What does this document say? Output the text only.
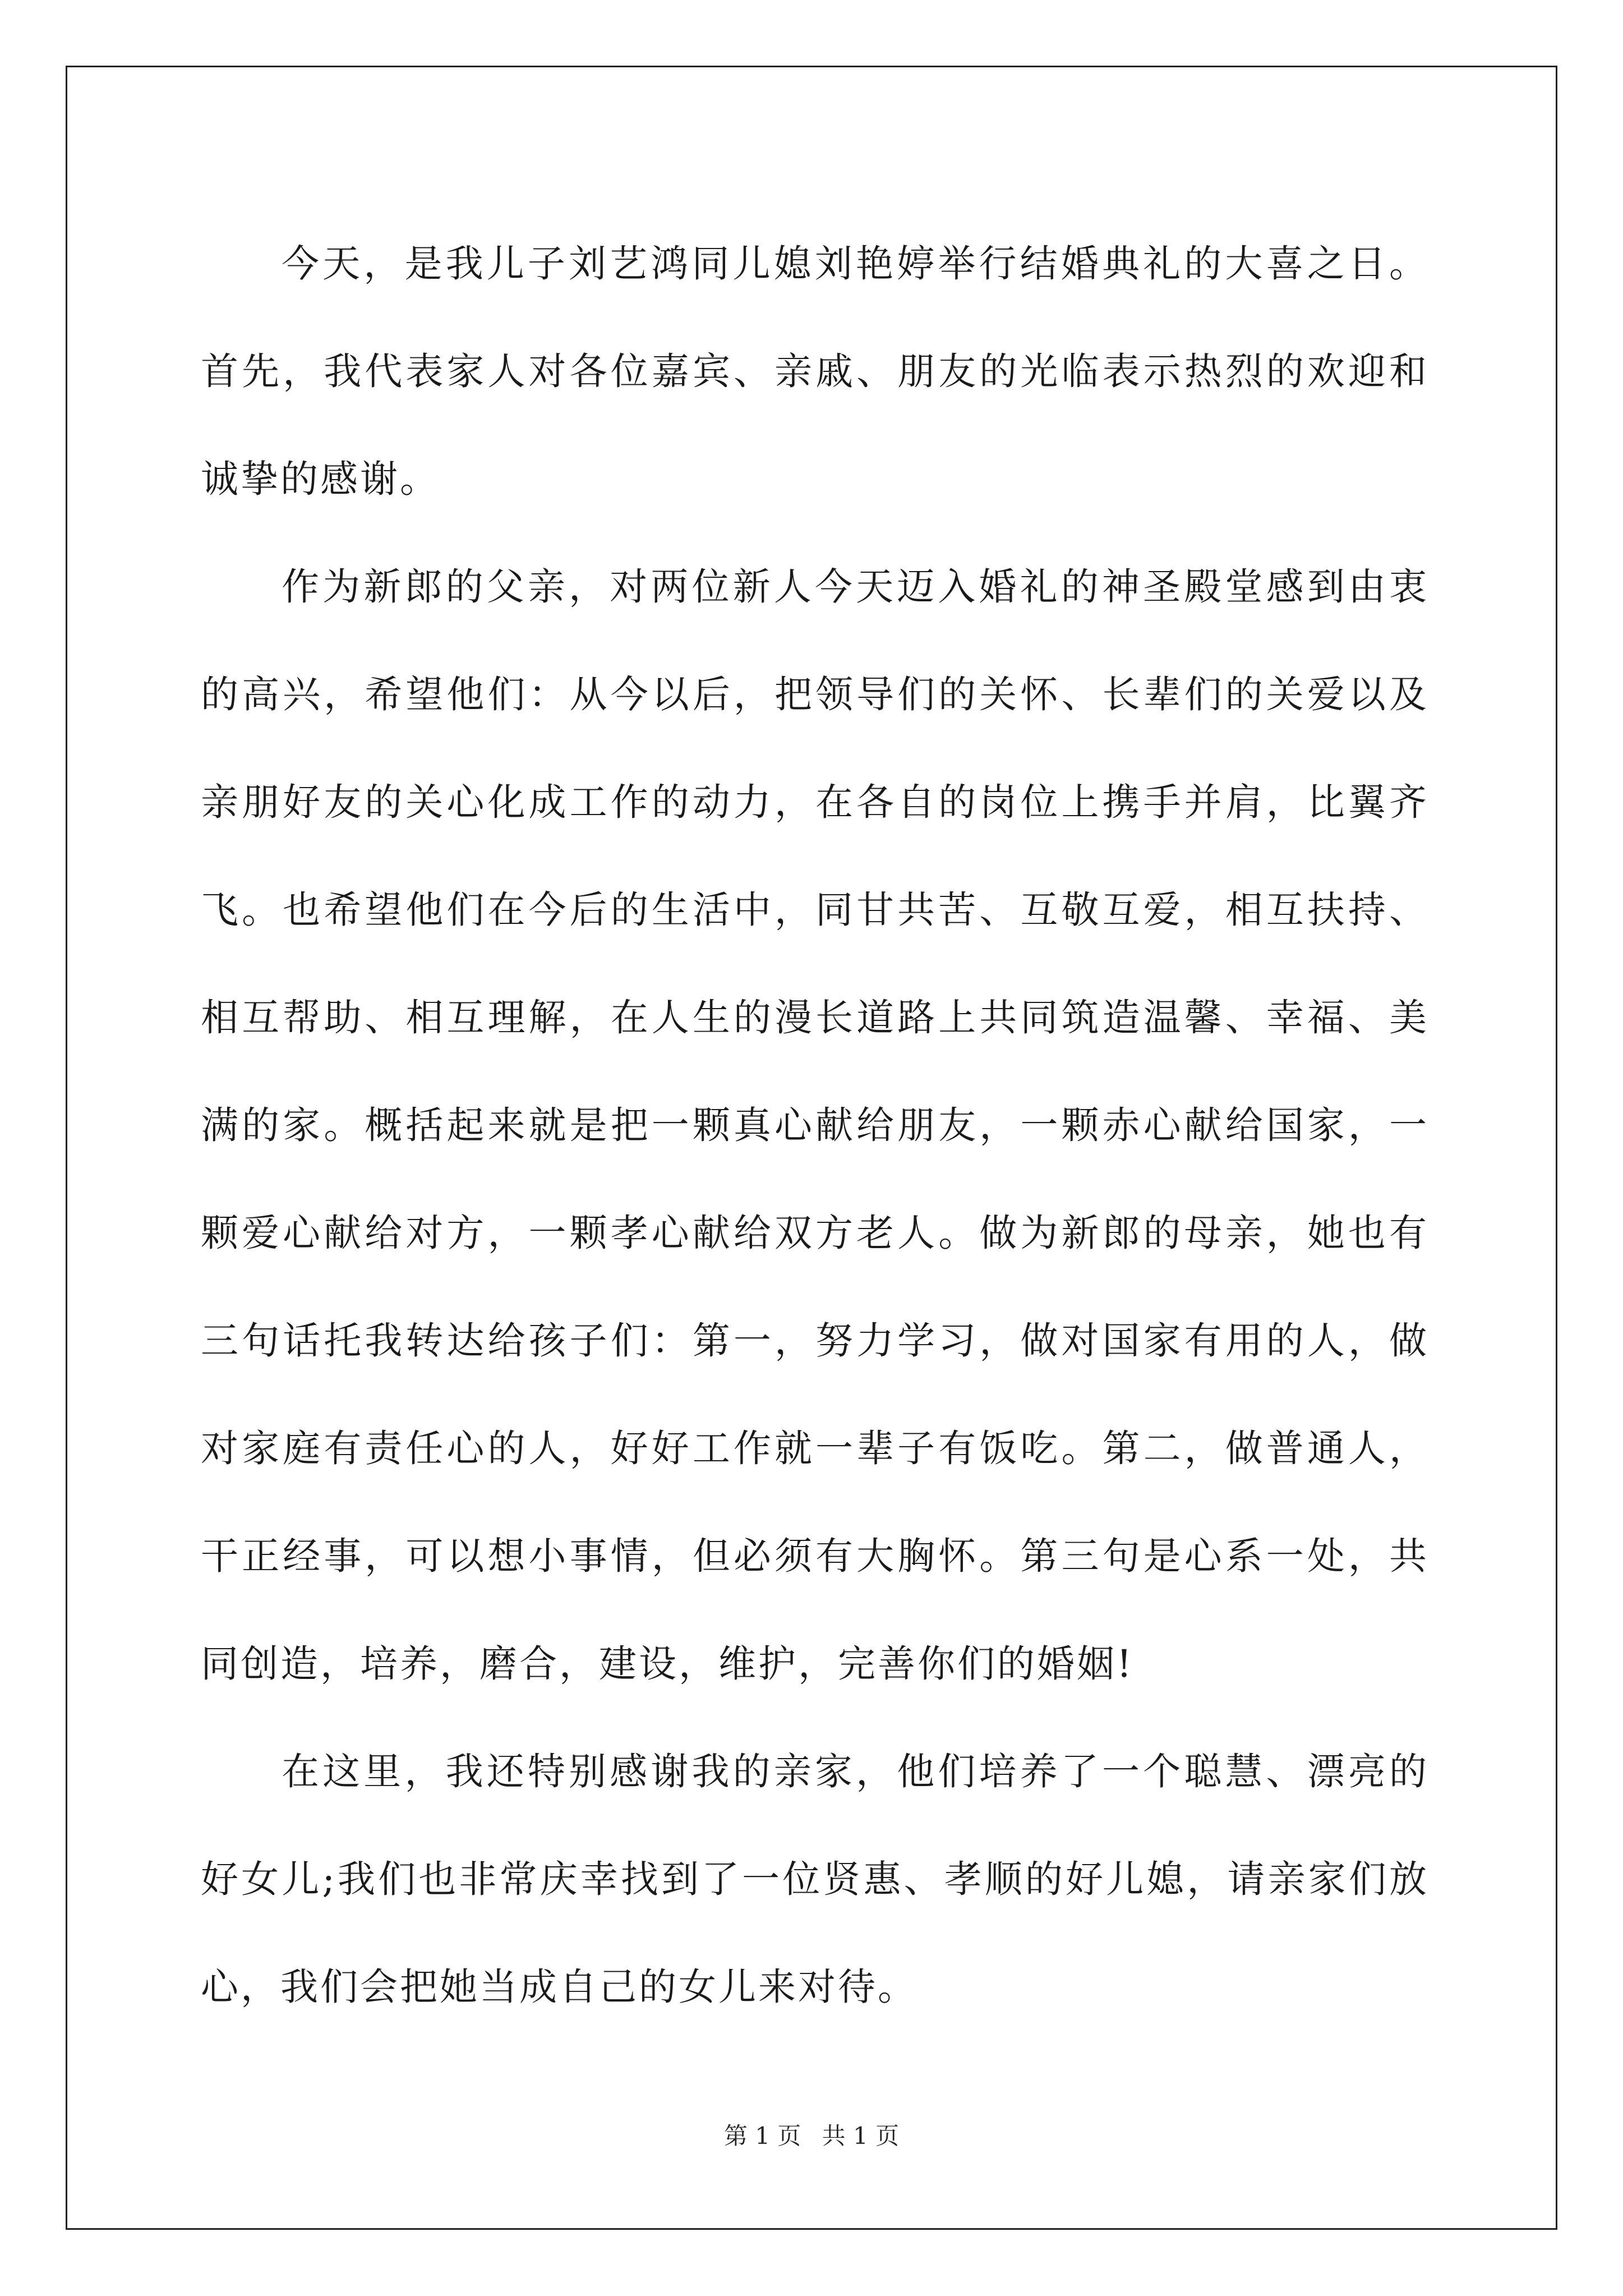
今天，是我儿子刘艺鸿同儿媳刘艳婷举行结婚典礼的大喜之日。首先，我代表家人对各位嘉宾、亲戚、朋友的光临表示热烈的欢迎和诚挚的感谢。

作为新郎的父亲，对两位新人今天迈入婚礼的神圣殿堂感到由衷的高兴，希望他们：从今以后，把领导们的关怀、长辈们的关爱以及亲朋好友的关心化成工作的动力，在各自的岗位上携手并肩，比翼齐飞。也希望他们在今后的生活中，同甘共苦、互敬互爱，相互扶持、相互帮助、相互理解，在人生的漫长道路上共同筑造温馨、幸福、美满的家。概括起来就是把一颗真心献给朋友，一颗赤心献给国家，一颗爱心献给对方，一颗孝心献给双方老人。做为新郎的母亲，她也有三句话托我转达给孩子们：第一，努力学习，做对国家有用的人，做对家庭有责任心的人，好好工作就一辈子有饭吃。第二，做普通人，干正经事，可以想小事情，但必须有大胸怀。第三句是心系一处，共同创造，培养，磨合，建设，维护，完善你们的婚姻!

在这里，我还特别感谢我的亲家，他们培养了一个聪慧、漂亮的好女儿;我们也非常庆幸找到了一位贤惠、孝顺的好儿媳，请亲家们放心，我们会把她当成自己的女儿来对待。

第 1 页 共 1 页
